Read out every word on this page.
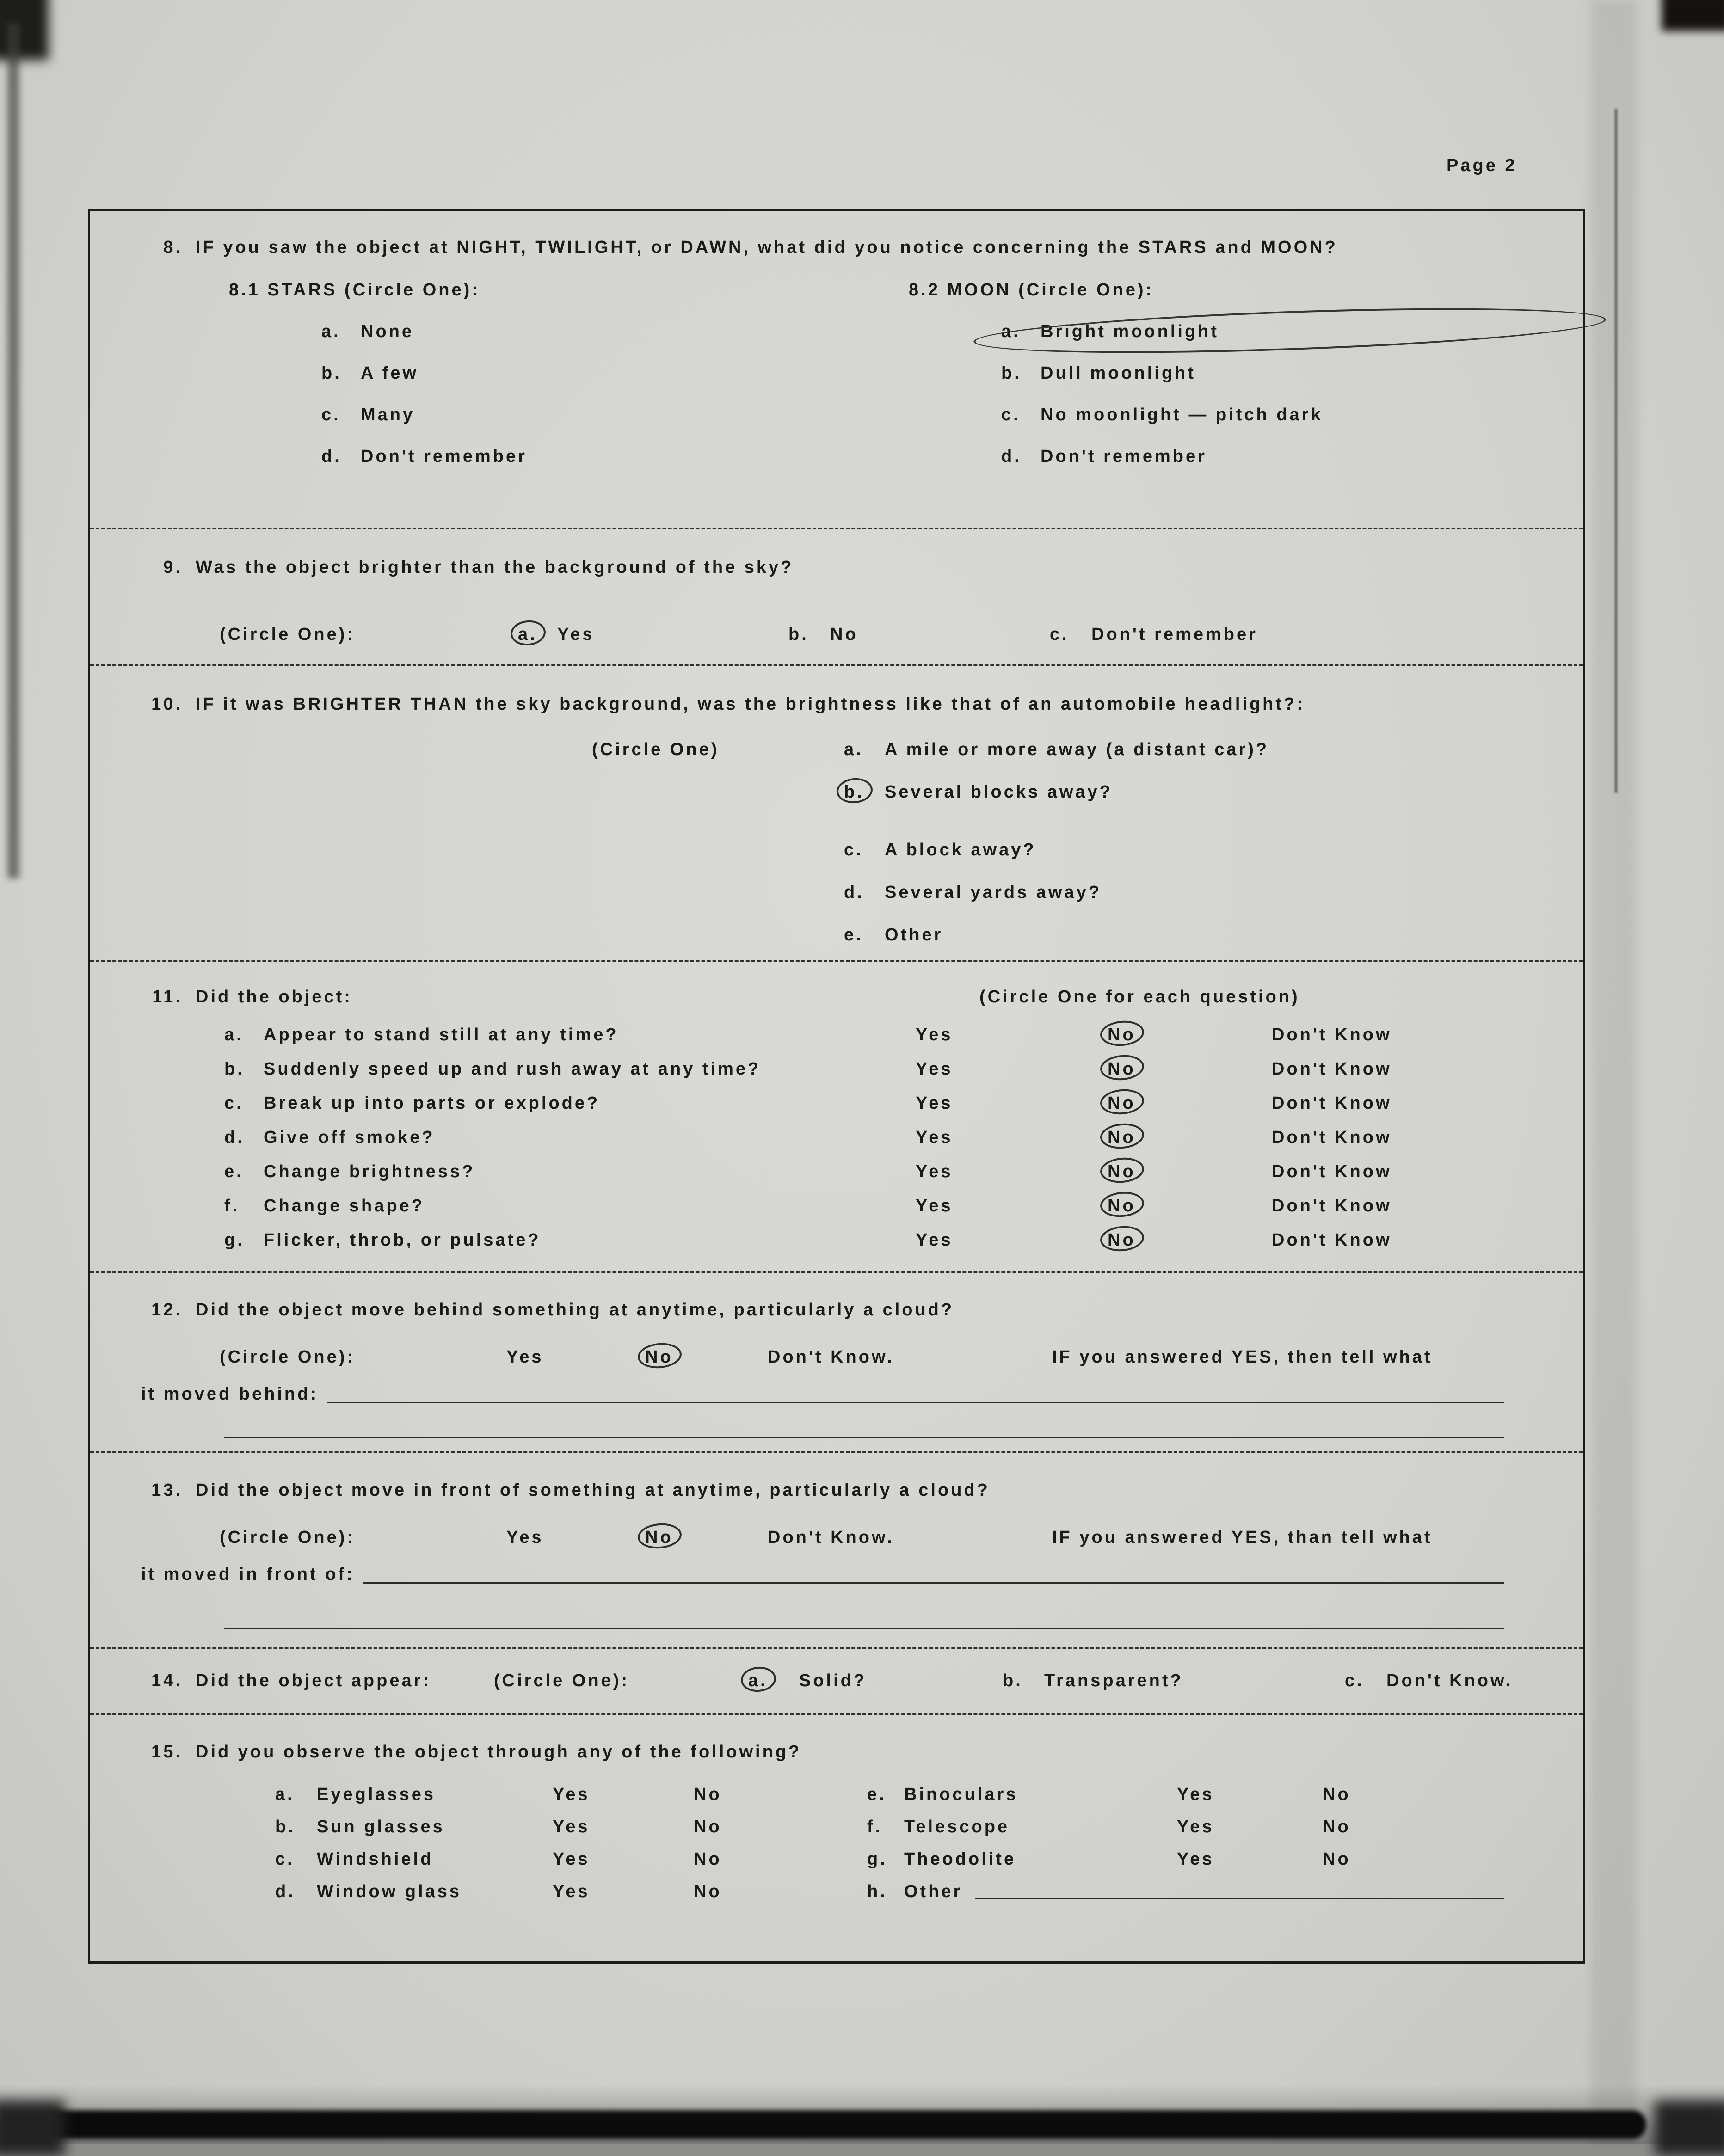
Page 2
8. IF you saw the object at NIGHT, TWILIGHT, or DAWN, what did you notice concerning the STARS and MOON?
8.1 STARS (Circle One):	8.2 MOON (Circle One):
a.	None	a.	Bright moonlight
b.	A few	b.	Dull moonlight
c.	Many	c.	No moonlight — pitch dark
d.	Don't remember	d.	Don't remember
9. Was the object brighter than the background of the sky?
(Circle One):	a.	Yes	b.	No	c.	Don't remember
10. IF it was BRIGHTER THAN the sky background, was the brightness like that of an automobile headlight?:
(Circle One)	a.	A mile or more away (a distant car)?
b.	Several blocks away?
c.	A block away?
d.	Several yards away?
e.	Other
11. Did the object:	(Circle One for each question)
a.	Appear to stand still at any time?	Yes	No	Don't Know
b.	Suddenly speed up and rush away at any time?	Yes	No	Don't Know
c.	Break up into parts or explode?	Yes	No	Don't Know
d.	Give off smoke?	Yes	No	Don't Know
e.	Change brightness?	Yes	No	Don't Know
f.	Change shape?	Yes	No	Don't Know
g.	Flicker, throb, or pulsate?	Yes	No	Don't Know
12. Did the object move behind something at anytime, particularly a cloud?
(Circle One):	Yes	No	Don't Know.	IF you answered YES, then tell what
it moved behind:
13. Did the object move in front of something at anytime, particularly a cloud?
(Circle One):	Yes	No	Don't Know.	IF you answered YES, than tell what
it moved in front of:
14. Did the object appear:	(Circle One):	a.	Solid?	b.	Transparent?	c.	Don't Know.
15. Did you observe the object through any of the following?
a.	Eyeglasses	Yes	No	e.	Binoculars	Yes	No
b.	Sun glasses	Yes	No	f.	Telescope	Yes	No
c.	Windshield	Yes	No	g. Theodolite	Yes	No
d.	Window glass	Yes	No	h. Other
